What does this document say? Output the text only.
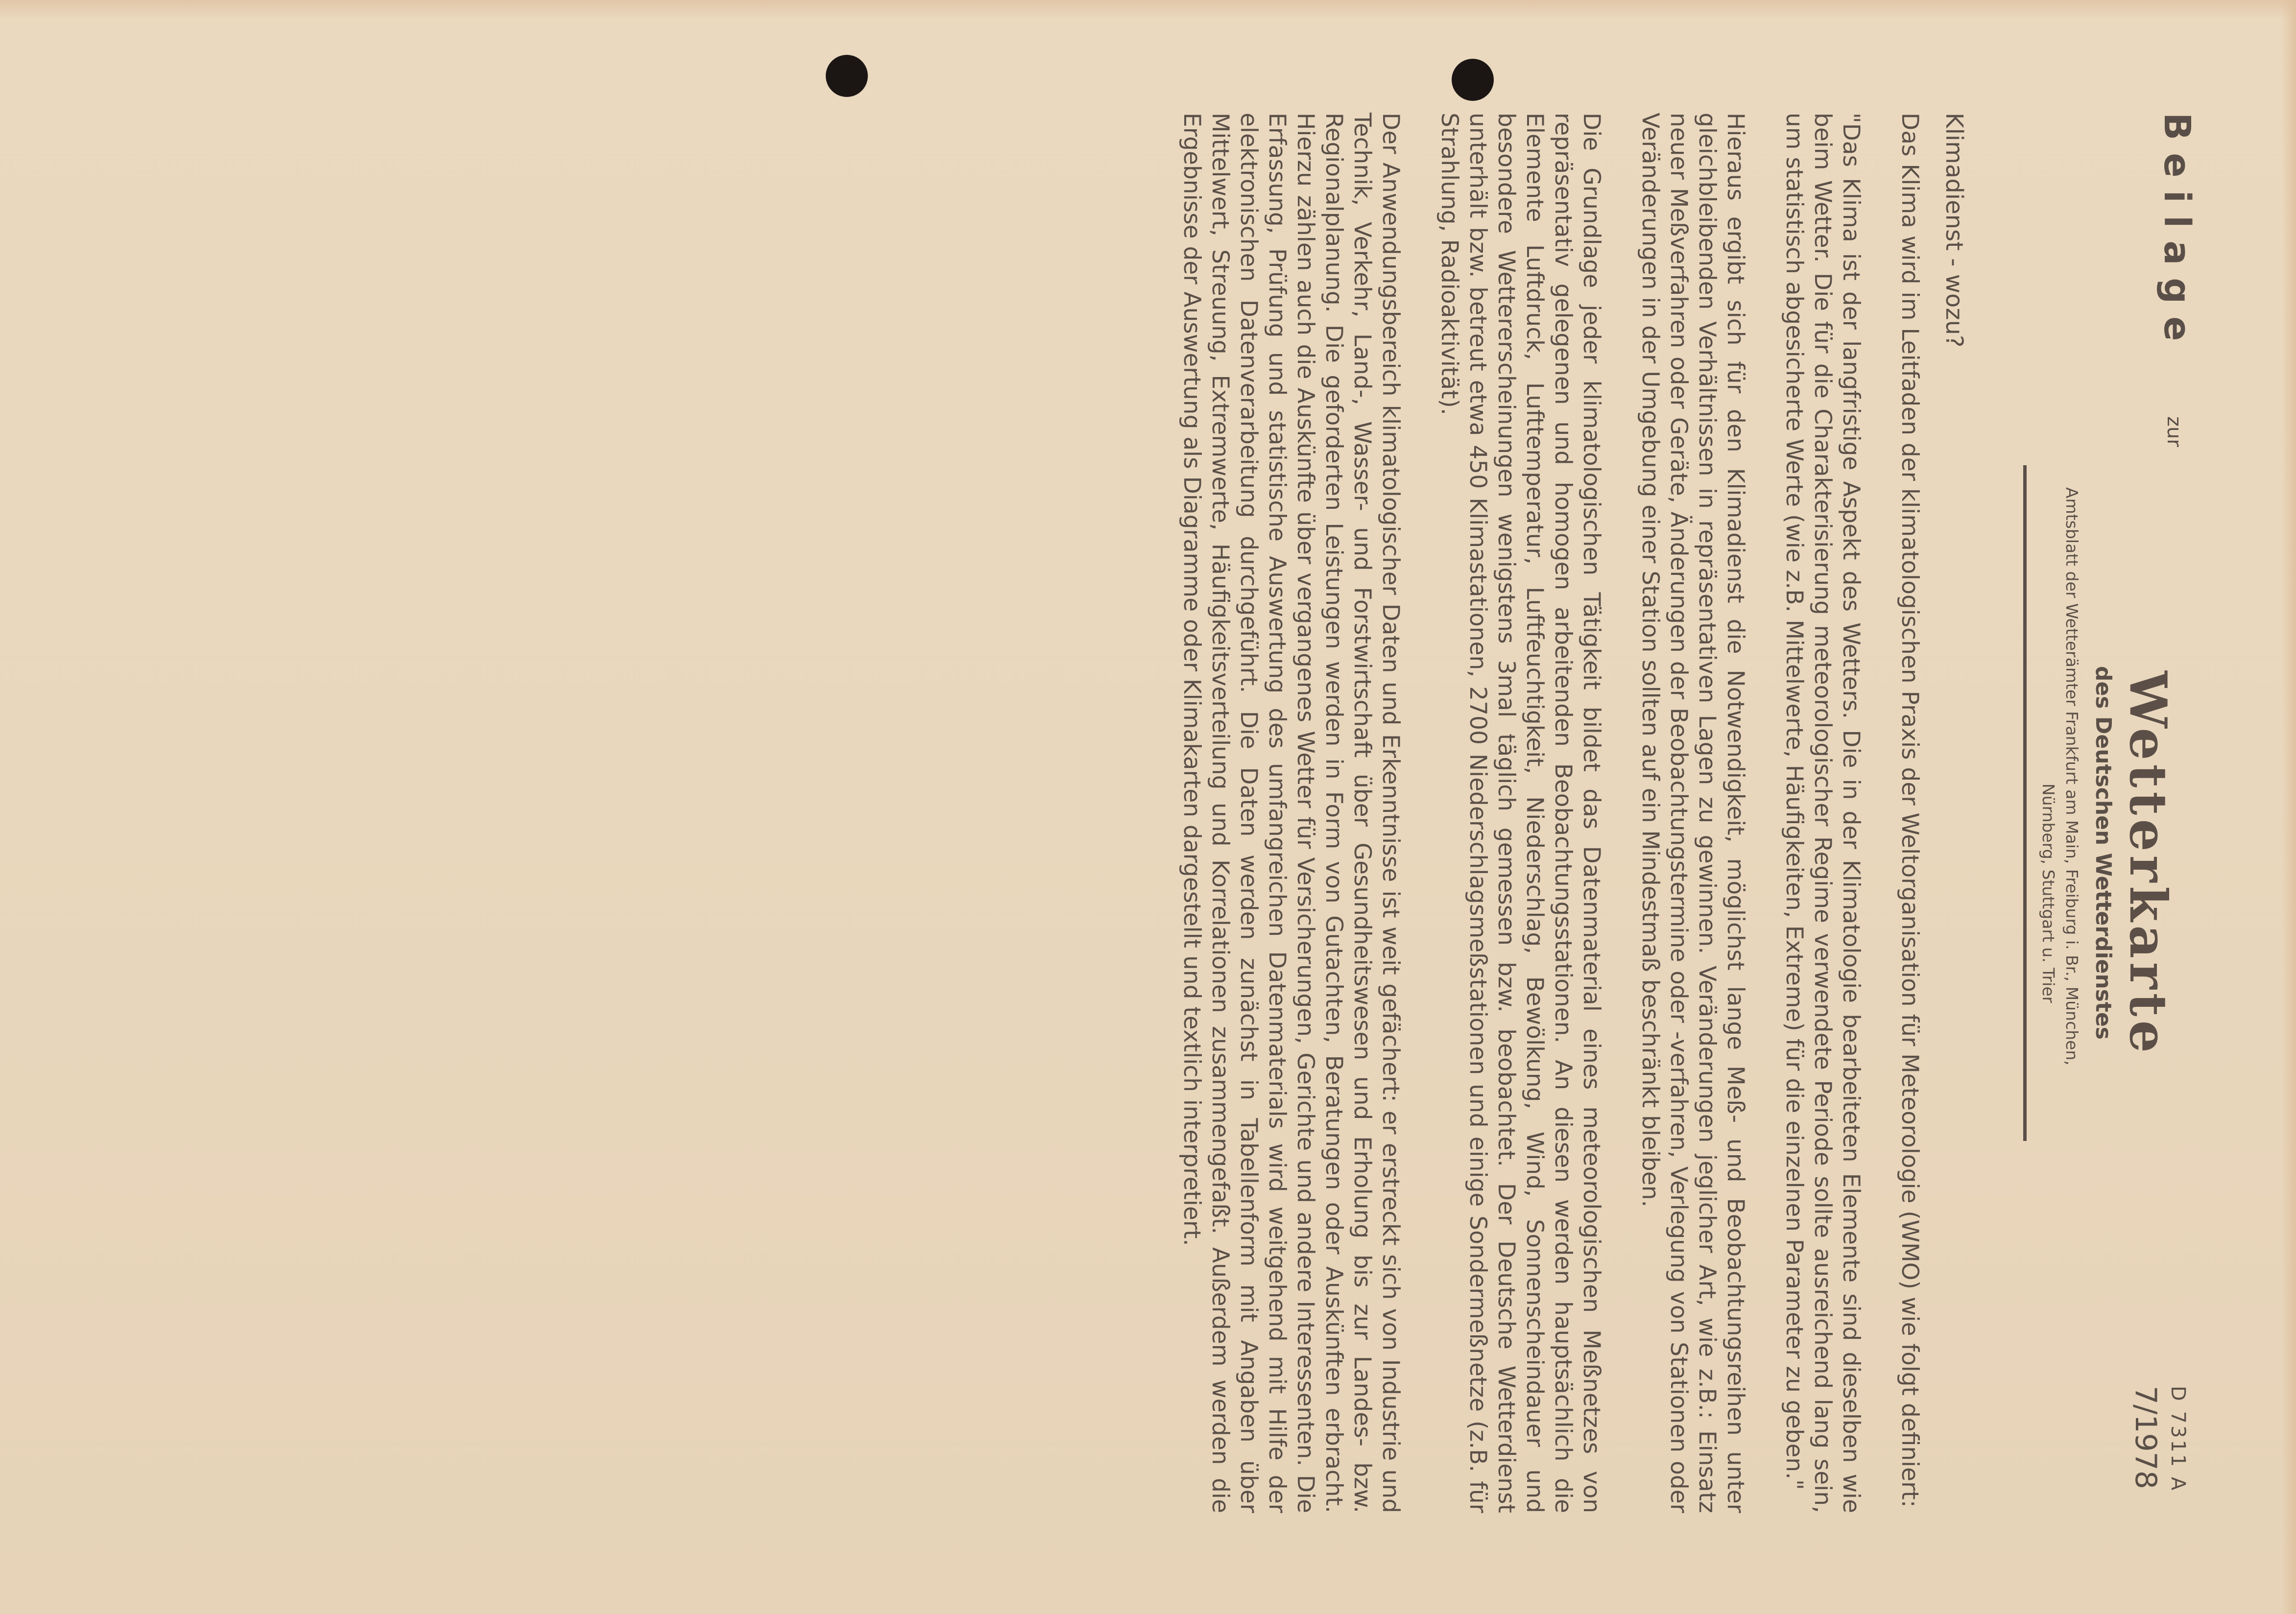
Beilage
zur
Wetterkarte
des Deutschen Wetterdienstes
Amtsblatt der Wetterämter Frankfurt am Main, Freiburg i. Br., München,
Nürnberg, Stuttgart u. Trier
D 7311 A
7/1978
Klimadienst - wozu?

Das Klima wird im Leitfaden der klimatologischen Praxis der Weltorganisation für Meteorologie (WMO) wie folgt definiert:

"Das Klima ist der langfristige Aspekt des Wetters. Die in der Klimatologie bearbeiteten Elemente sind dieselben wie beim Wetter. Die für die Charakterisierung meteorologischer Regime verwendete Periode sollte ausreichend lang sein, um statistisch abgesicherte Werte (wie z.B. Mittelwerte, Häufigkeiten, Extreme) für die einzelnen Parameter zu geben."

Hieraus ergibt sich für den Klimadienst die Notwendigkeit, möglichst lange Meß- und Beobachtungsreihen unter gleichbleibenden Verhältnissen in repräsentativen Lagen zu gewinnen. Veränderungen jeglicher Art, wie z.B.: Einsatz neuer Meßverfahren oder Geräte, Änderungen der Beobachtungstermine oder -verfahren, Verlegung von Stationen oder Veränderungen in der Umgebung einer Station sollten auf ein Mindestmaß beschränkt bleiben.

Die Grundlage jeder klimatologischen Tätigkeit bildet das Datenmaterial eines meteorologischen Meßnetzes von repräsentativ gelegenen und homogen arbeitenden Beobachtungsstationen. An diesen werden hauptsächlich die Elemente Luftdruck, Lufttemperatur, Luftfeuchtigkeit, Niederschlag, Bewölkung, Wind, Sonnenscheindauer und besondere Wettererscheinungen wenigstens 3mal täglich gemessen bzw. beobachtet. Der Deutsche Wetterdienst unterhält bzw. betreut etwa 450 Klimastationen, 2700 Niederschlagsmeßstationen und einige Sondermeßnetze (z.B. für Strahlung, Radioaktivität).

Der Anwendungsbereich klimatologischer Daten und Erkenntnisse ist weit gefächert: er erstreckt sich von Industrie und Technik, Verkehr, Land-, Wasser- und Forstwirtschaft über Gesundheitswesen und Erholung bis zur Landes- bzw. Regionalplanung. Die geforderten Leistungen werden in Form von Gutachten, Beratungen oder Auskünften erbracht. Hierzu zählen auch die Auskünfte über vergangenes Wetter für Versicherungen, Gerichte und andere Interessenten. Die Erfassung, Prüfung und statistische Auswertung des umfangreichen Datenmaterials wird weitgehend mit Hilfe der elektronischen Datenverarbeitung durchgeführt. Die Daten werden zunächst in Tabellenform mit Angaben über Mittelwert, Streuung, Extremwerte, Häufigkeitsverteilung und Korrelationen zusammengefaßt. Außerdem werden die Ergebnisse der Auswertung als Diagramme oder Klimakarten dargestellt und textlich interpretiert.
